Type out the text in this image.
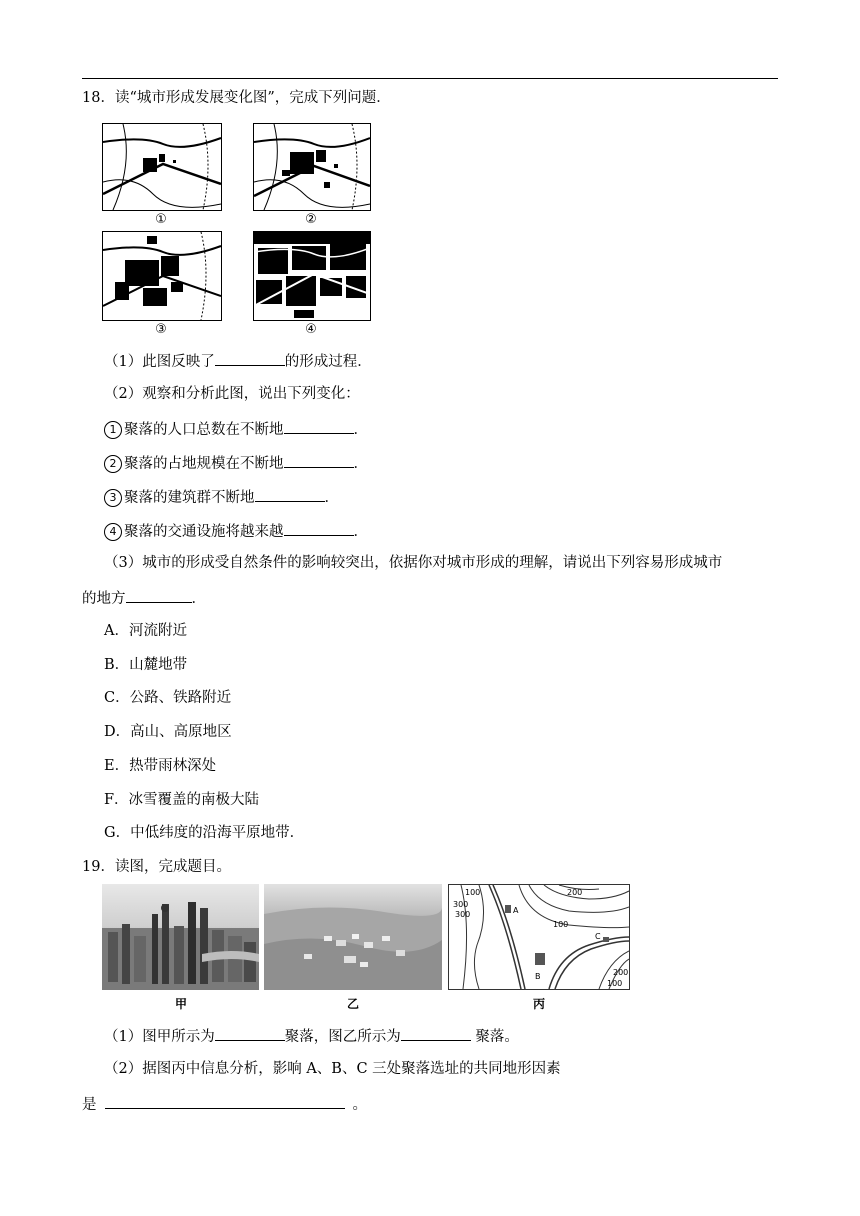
18．读“城市形成发展变化图”，完成下列问题．
①	②
③	④
（1）此图反映了	的形成过程．
（2）观察和分析此图，说出下列变化：
1 聚落的人口总数在不断地	．
2 聚落的占地规模在不断地	．
3 聚落的建筑群不断地	．
4 聚落的交通设施将越来越	．
（3）城市的形成受自然条件的影响较突出，依据你对城市形成的理解，请说出下列容易形成城市
的地方	．
A．河流附近
B．山麓地带
C．公路、铁路附近
D．高山、高原地区
E．热带雨林深处
F．冰雪覆盖的南极大陆
G．中低纬度的沿海平原地带．
19．读图，完成题目。
甲	乙
100
300
300
200
100
200
100
A
B
C
丙
（1）图甲所示为	聚落，图乙所示为	聚落。
（2）据图丙中信息分析，影响 A、B、C 三处聚落选址的共同地形因素
是	。
